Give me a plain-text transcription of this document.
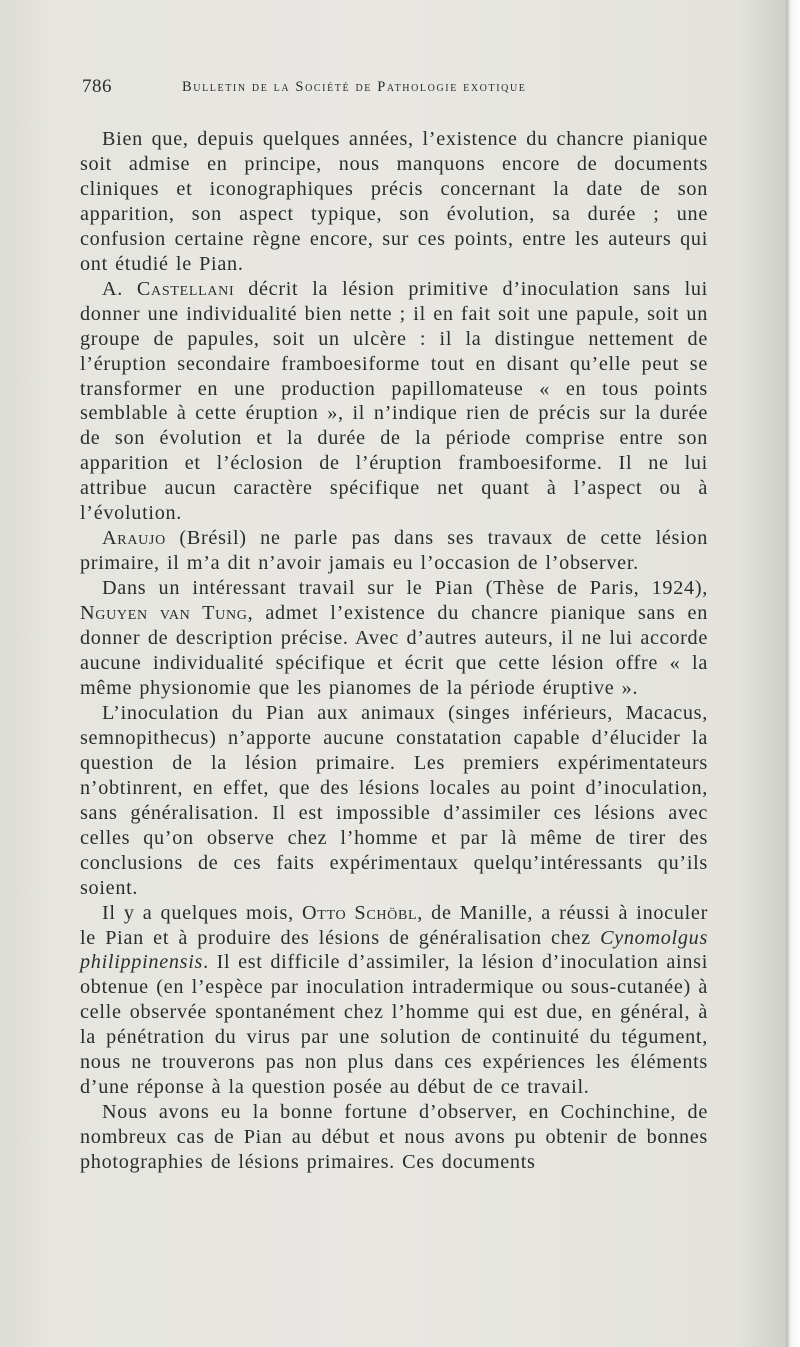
786	Bulletin de la Société de Pathologie exotique

Bien que, depuis quelques années, l’existence du chancre pianique soit admise en principe, nous manquons encore de documents cliniques et iconographiques précis concernant la date de son apparition, son aspect typique, son évolution, sa durée ; une confusion certaine règne encore, sur ces points, entre les auteurs qui ont étudié le Pian.

A. Castellani décrit la lésion primitive d’inoculation sans lui donner une individualité bien nette ; il en fait soit une papule, soit un groupe de papules, soit un ulcère : il la distingue nettement de l’éruption secondaire framboesiforme tout en disant qu’elle peut se transformer en une production papillomateuse « en tous points semblable à cette éruption », il n’indique rien de précis sur la durée de son évolution et la durée de la période comprise entre son apparition et l’éclosion de l’éruption framboesiforme. Il ne lui attribue aucun caractère spécifique net quant à l’aspect ou à l’évolution.

Araujo (Brésil) ne parle pas dans ses travaux de cette lésion primaire, il m’a dit n’avoir jamais eu l’occasion de l’observer.

Dans un intéressant travail sur le Pian (Thèse de Paris, 1924), Nguyen van Tung, admet l’existence du chancre pianique sans en donner de description précise. Avec d’autres auteurs, il ne lui accorde aucune individualité spécifique et écrit que cette lésion offre « la même physionomie que les pianomes de la période éruptive ».

L’inoculation du Pian aux animaux (singes inférieurs, Macacus, semnopithecus) n’apporte aucune constatation capable d’élucider la question de la lésion primaire. Les premiers expérimentateurs n’obtinrent, en effet, que des lésions locales au point d’inoculation, sans généralisation. Il est impossible d’assimiler ces lésions avec celles qu’on observe chez l’homme et par là même de tirer des conclusions de ces faits expérimentaux quelqu’intéressants qu’ils soient.

Il y a quelques mois, Otto Schöbl, de Manille, a réussi à inoculer le Pian et à produire des lésions de généralisation chez Cynomolgus philippinensis. Il est difficile d’assimiler, la lésion d’inoculation ainsi obtenue (en l’espèce par inoculation intradermique ou sous-cutanée) à celle observée spontanément chez l’homme qui est due, en général, à la pénétration du virus par une solution de continuité du tégument, nous ne trouverons pas non plus dans ces expériences les éléments d’une réponse à la question posée au début de ce travail.

Nous avons eu la bonne fortune d’observer, en Cochinchine, de nombreux cas de Pian au début et nous avons pu obtenir de bonnes photographies de lésions primaires. Ces documents
